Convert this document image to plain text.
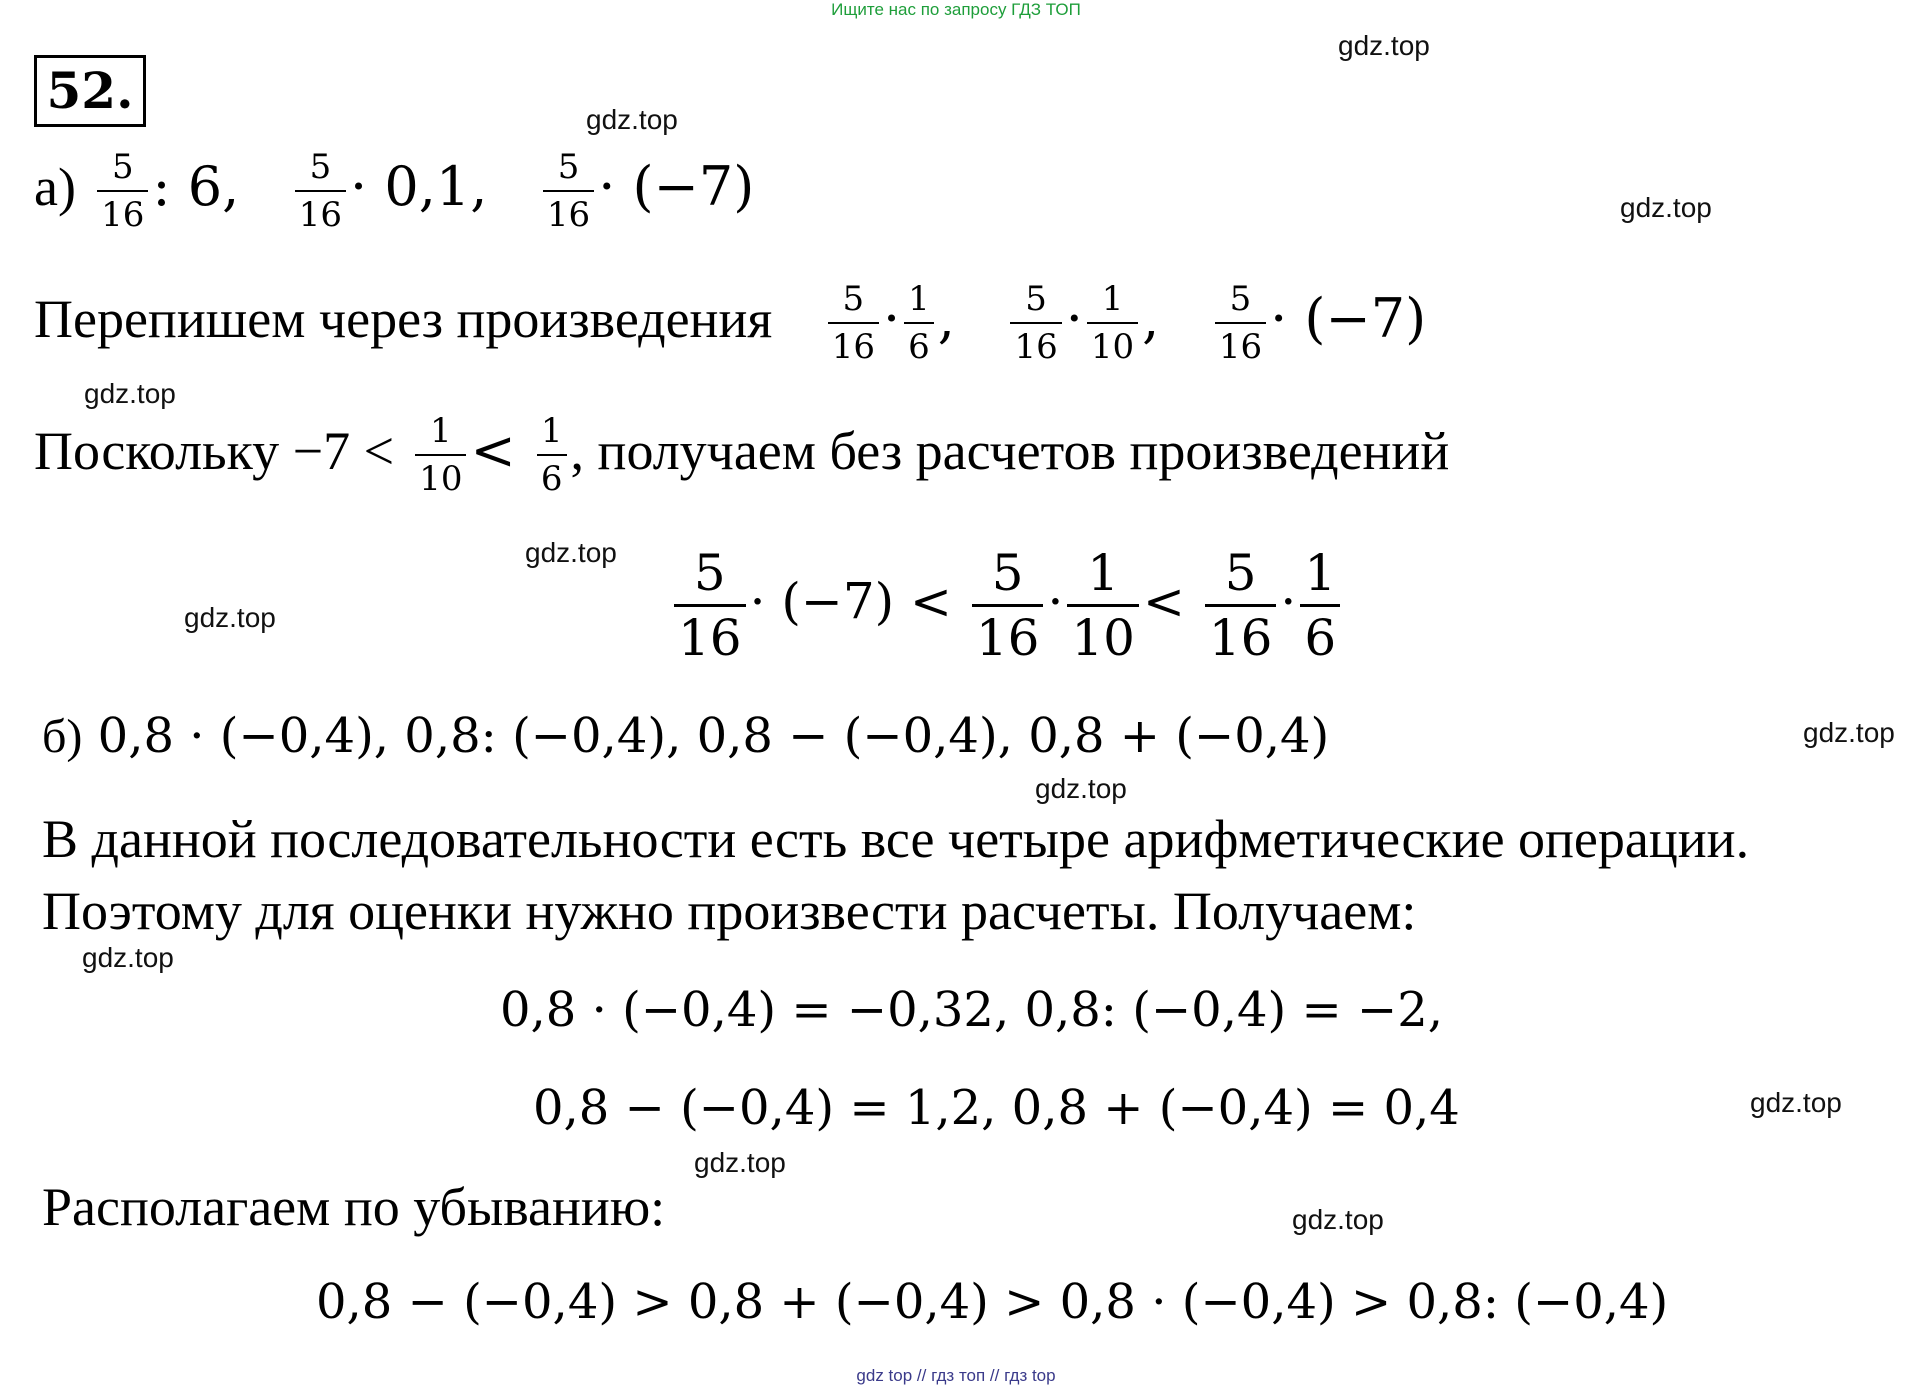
Ищите нас по запросу ГДЗ ТОП
52.
gdz.top
gdz.top
gdz.top
gdz.top
gdz.top
gdz.top
gdz.top
gdz.top
gdz.top
gdz.top
gdz.top
gdz.top
$а) \frac{5}{16}$ : 6, $\frac{5}{16} \cdot 0,1$, $\frac{5}{16} \cdot (-7)$
Перепишем через произведения $\frac{5}{16} \cdot \frac{1}{6}$ , $\frac{5}{16} \cdot \frac{1}{10}$ , $\frac{5}{16} \cdot (-7)$
Поскольку $-7 < \frac{1}{10} < \frac{1}{6}$ , получаем без расчетов произведений
$\frac{5}{16} \cdot (-7) < \frac{5}{16} \cdot \frac{1}{10} < \frac{5}{16} \cdot \frac{1}{6}$
б) 0,8 · (−0,4), 0,8: (−0,4), 0,8 − (−0,4), 0,8 + (−0,4)
В данной последовательности есть все четыре арифметические операции.
Поэтому для оценки нужно произвести расчеты. Получаем:
0,8 · (−0,4) = −0,32, 0,8: (−0,4) = −2,
0,8 − (−0,4) = 1,2, 0,8 + (−0,4) = 0,4
Располагаем по убыванию:
0,8 − (−0,4) > 0,8 + (−0,4) > 0,8 · (−0,4) > 0,8: (−0,4)
gdz top // гдз топ // гдз top
